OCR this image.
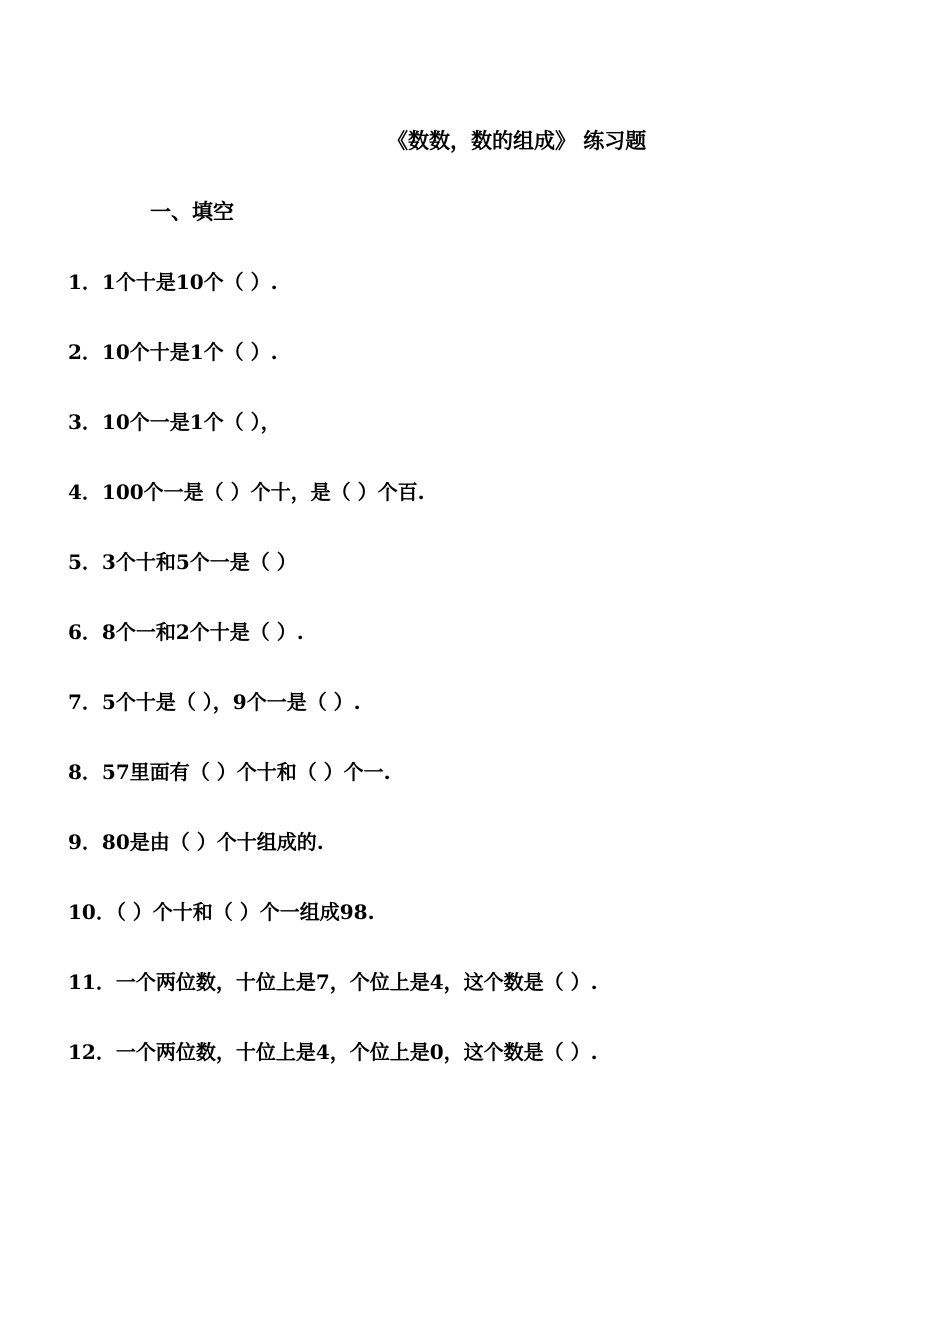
《数数，数的组成》 练习题
一、填空
1．1个十是10个（ ）.
2．10个十是1个（ ）.
3．10个一是1个（ ），
4．100个一是（ ）个十，是（ ）个百.
5．3个十和5个一是（ ）
6．8个一和2个十是（ ）.
7．5个十是（ ），9个一是（ ）.
8．57里面有（ ）个十和（ ）个一.
9．80是由（ ）个十组成的.
10．（ ）个十和（ ）个一组成98.
11．一个两位数，十位上是7，个位上是4，这个数是（ ）.
12．一个两位数，十位上是4，个位上是0，这个数是（ ）.
